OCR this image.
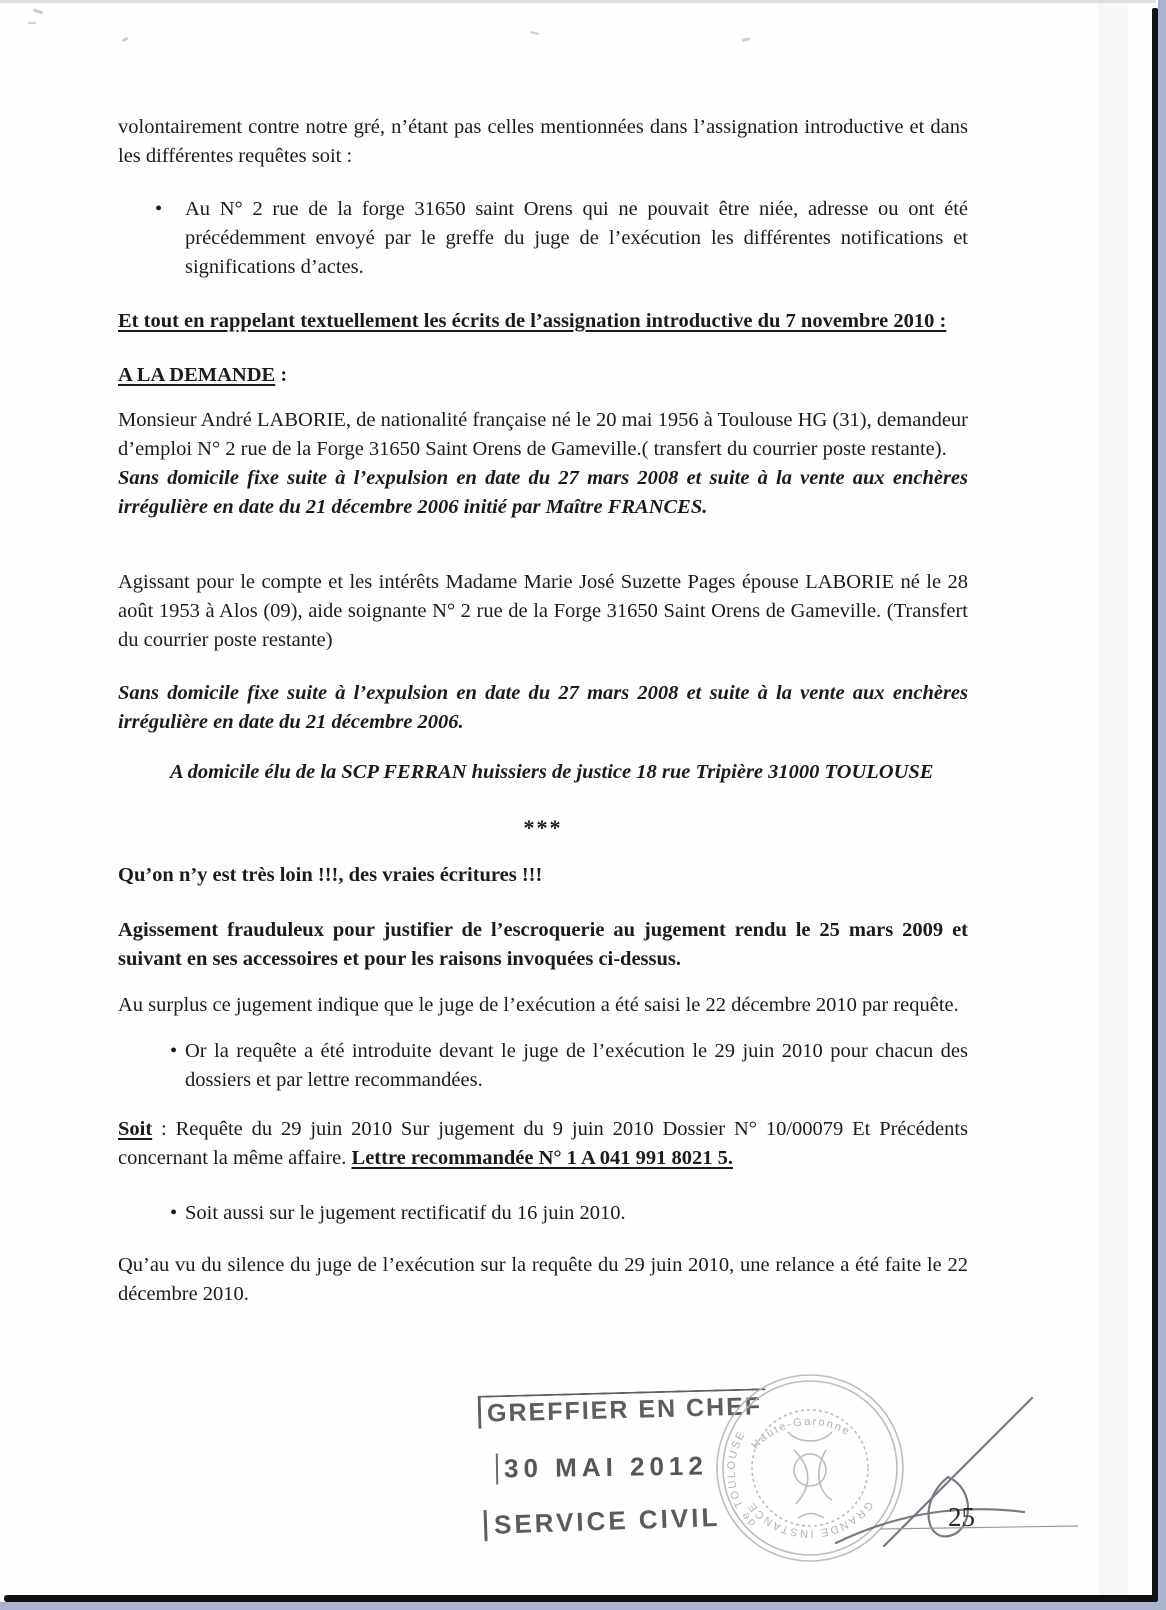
volontairement contre notre gré, n’étant pas celles mentionnées dans l’assignation introductive et dans les différentes requêtes soit :

•	Au N° 2 rue de la forge 31650 saint Orens qui ne pouvait être niée, adresse ou ont été précédemment envoyé par le greffe du juge de l’exécution les différentes notifications et significations d’actes.

Et tout en rappelant textuellement les écrits de l’assignation introductive du 7 novembre 2010 :

A LA DEMANDE :

Monsieur André LABORIE, de nationalité française né le 20 mai 1956 à Toulouse HG (31), demandeur d’emploi N° 2 rue de la Forge 31650 Saint Orens de Gameville.( transfert du courrier poste restante).

Sans domicile fixe suite à l’expulsion en date du 27 mars 2008 et suite à la vente aux enchères irrégulière en date du 21 décembre 2006 initié par Maître FRANCES.

Agissant pour le compte et les intérêts Madame Marie José Suzette Pages épouse LABORIE né le 28 août 1953 à Alos (09), aide soignante N° 2 rue de la Forge 31650 Saint Orens de Gameville. (Transfert du courrier poste restante)

Sans domicile fixe suite à l’expulsion en date du 27 mars 2008 et suite à la vente aux enchères irrégulière en date du 21 décembre 2006.

A domicile élu de la SCP FERRAN huissiers de justice 18 rue Tripière 31000 TOULOUSE

***

Qu’on n’y est très loin !!!, des vraies écritures !!!

Agissement frauduleux pour justifier de l’escroquerie au jugement rendu le 25 mars 2009 et suivant en ses accessoires et pour les raisons invoquées ci-dessus.

Au surplus ce jugement indique que le juge de l’exécution a été saisi le 22 décembre 2010 par requête.

• Or la requête a été introduite devant le juge de l’exécution le 29 juin 2010 pour chacun des dossiers et par lettre recommandées.

Soit : Requête du 29 juin 2010 Sur jugement du 9 juin 2010 Dossier N° 10/00079 Et Précédents concernant la même affaire. Lettre recommandée N° 1 A 041 991 8021 5.

• Soit aussi sur le jugement rectificatif du 16 juin 2010.

Qu’au vu du silence du juge de l’exécution sur la requête du 29 juin 2010, une relance a été faite le 22 décembre 2010.

GREFFIER EN CHEF
30 MAI 2012
SERVICE CIVIL
Haute-Garonne
de TOULOUSE
GRANDE INSTANCE	25
